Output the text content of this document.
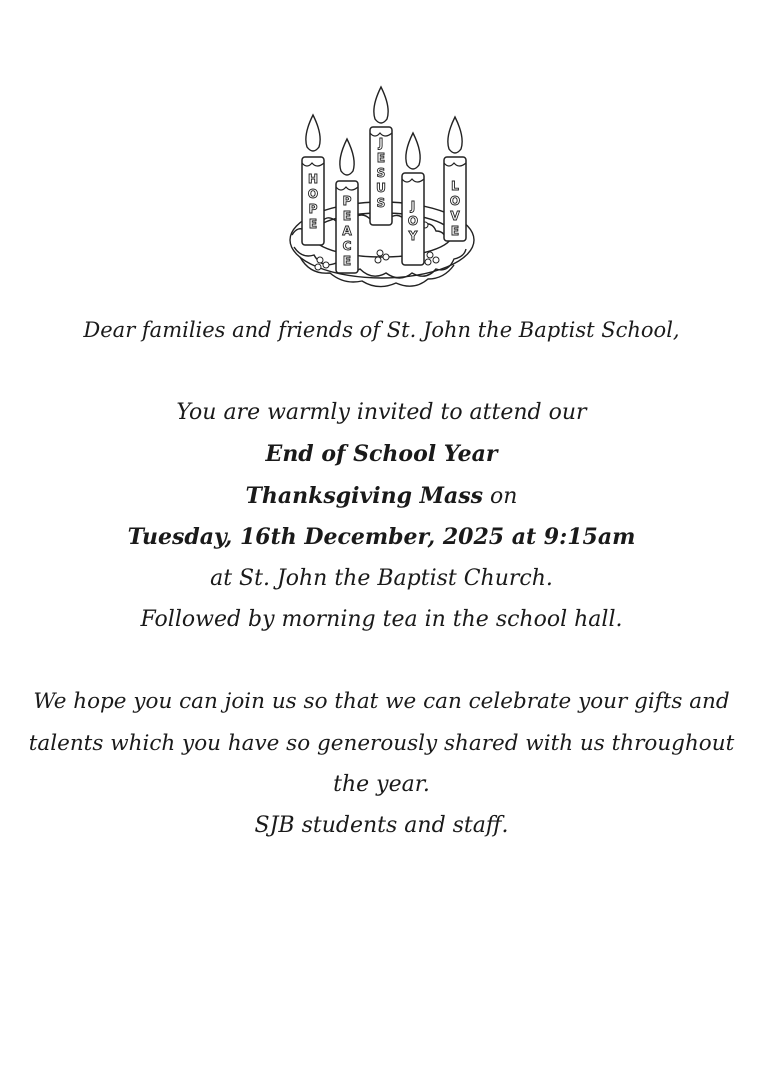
H
O
P
E
P
E
A
C
E
J
E
S
U
S J
O
Y
L
O
V
E
Dear families and friends of St. John the Baptist School,
You are warmly invited to attend our
End of School Year
Thanksgiving Mass on
Tuesday, 16th December, 2025 at 9:15am
at St. John the Baptist Church.
Followed by morning tea in the school hall.
We hope you can join us so that we can celebrate your gifts and
talents which you have so generously shared with us throughout
the year.
SJB students and staff.
